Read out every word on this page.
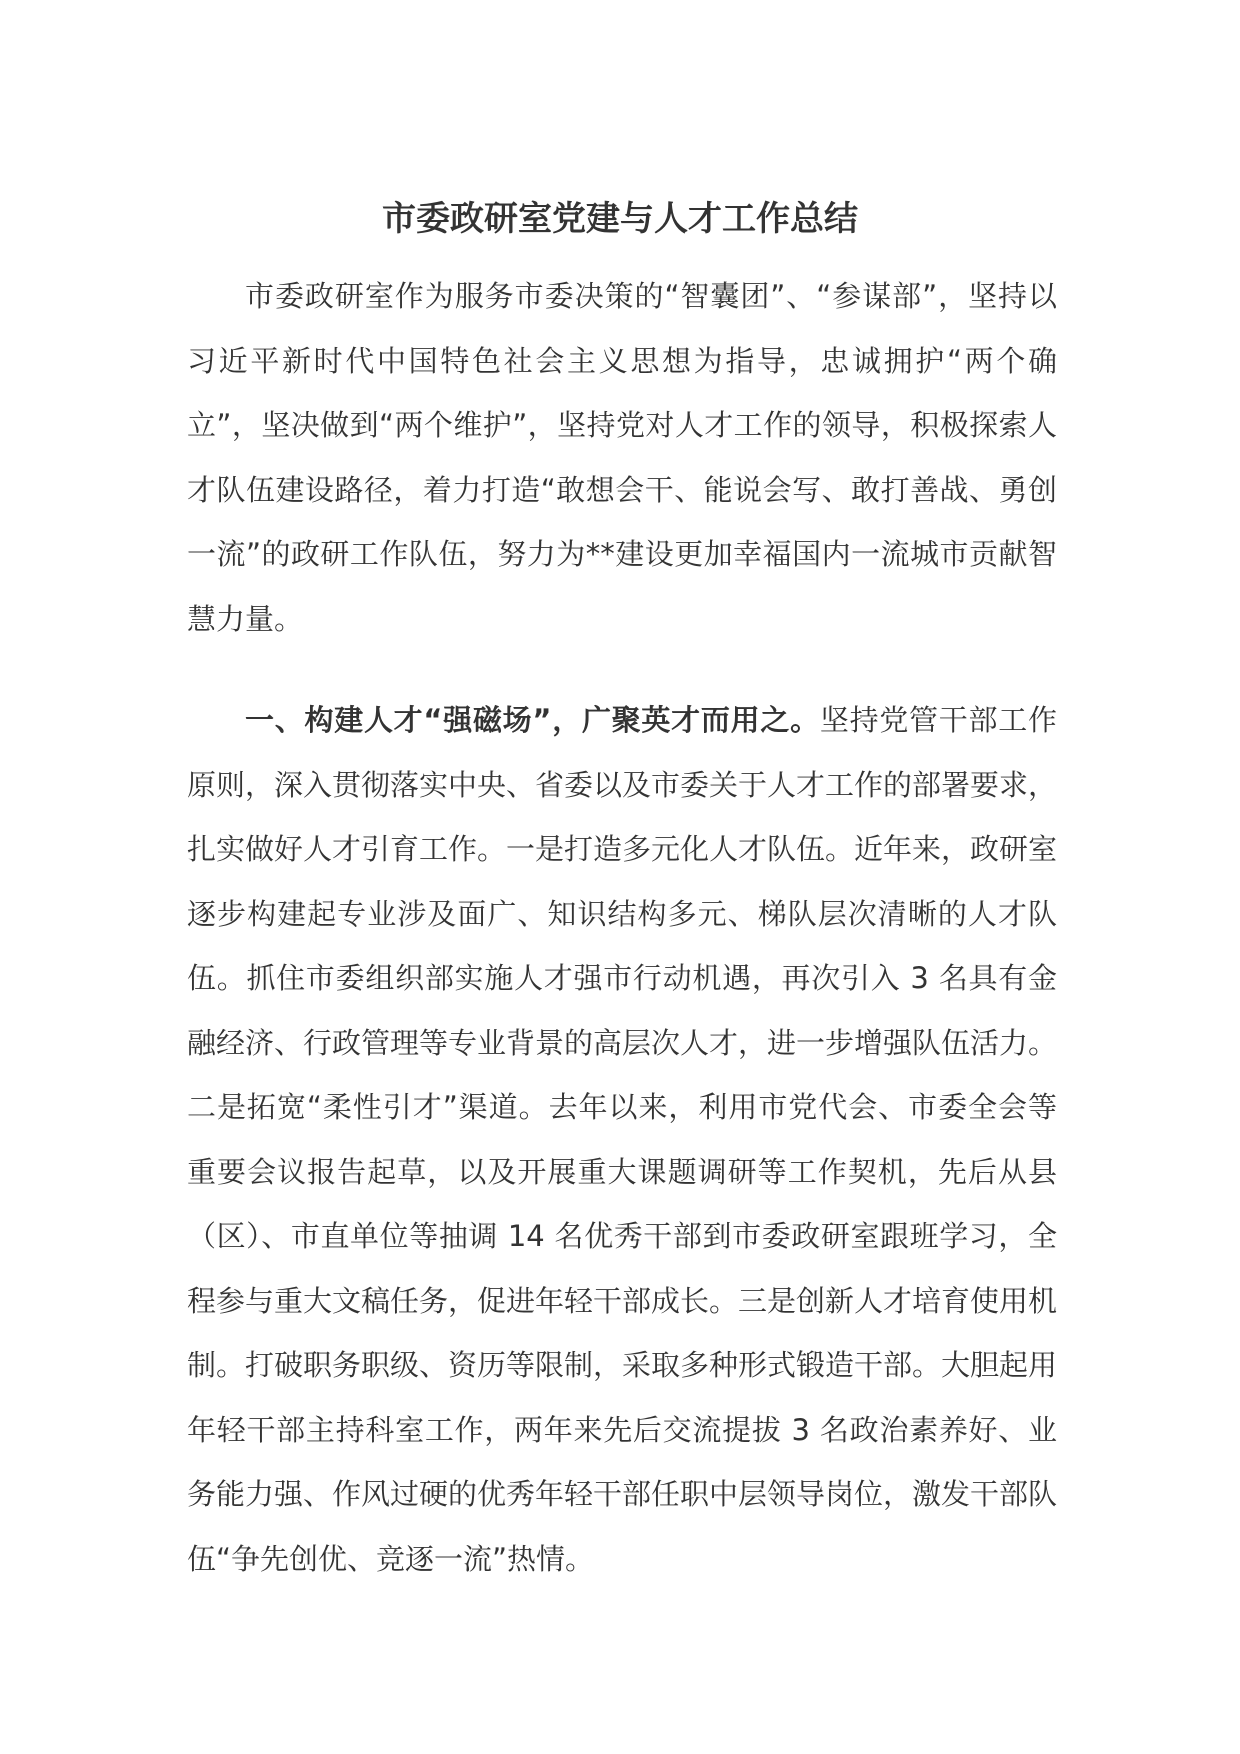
市委政研室党建与人才工作总结

市委政研室作为服务市委决策的“智囊团”、“参谋部”，坚持以习近平新时代中国特色社会主义思想为指导，忠诚拥护“两个确立”，坚决做到“两个维护”，坚持党对人才工作的领导，积极探索人才队伍建设路径，着力打造“敢想会干、能说会写、敢打善战、勇创一流”的政研工作队伍，努力为**建设更加幸福国内一流城市贡献智慧力量。

一、构建人才“强磁场”，广聚英才而用之。坚持党管干部工作原则，深入贯彻落实中央、省委以及市委关于人才工作的部署要求，扎实做好人才引育工作。一是打造多元化人才队伍。近年来，政研室逐步构建起专业涉及面广、知识结构多元、梯队层次清晰的人才队伍。抓住市委组织部实施人才强市行动机遇，再次引入 3 名具有金融经济、行政管理等专业背景的高层次人才，进一步增强队伍活力。二是拓宽“柔性引才”渠道。去年以来，利用市党代会、市委全会等重要会议报告起草，以及开展重大课题调研等工作契机，先后从县（区）、市直单位等抽调 14 名优秀干部到市委政研室跟班学习，全程参与重大文稿任务，促进年轻干部成长。三是创新人才培育使用机制。打破职务职级、资历等限制，采取多种形式锻造干部。大胆起用年轻干部主持科室工作，两年来先后交流提拔 3 名政治素养好、业务能力强、作风过硬的优秀年轻干部任职中层领导岗位，激发干部队伍“争先创优、竞逐一流”热情。
